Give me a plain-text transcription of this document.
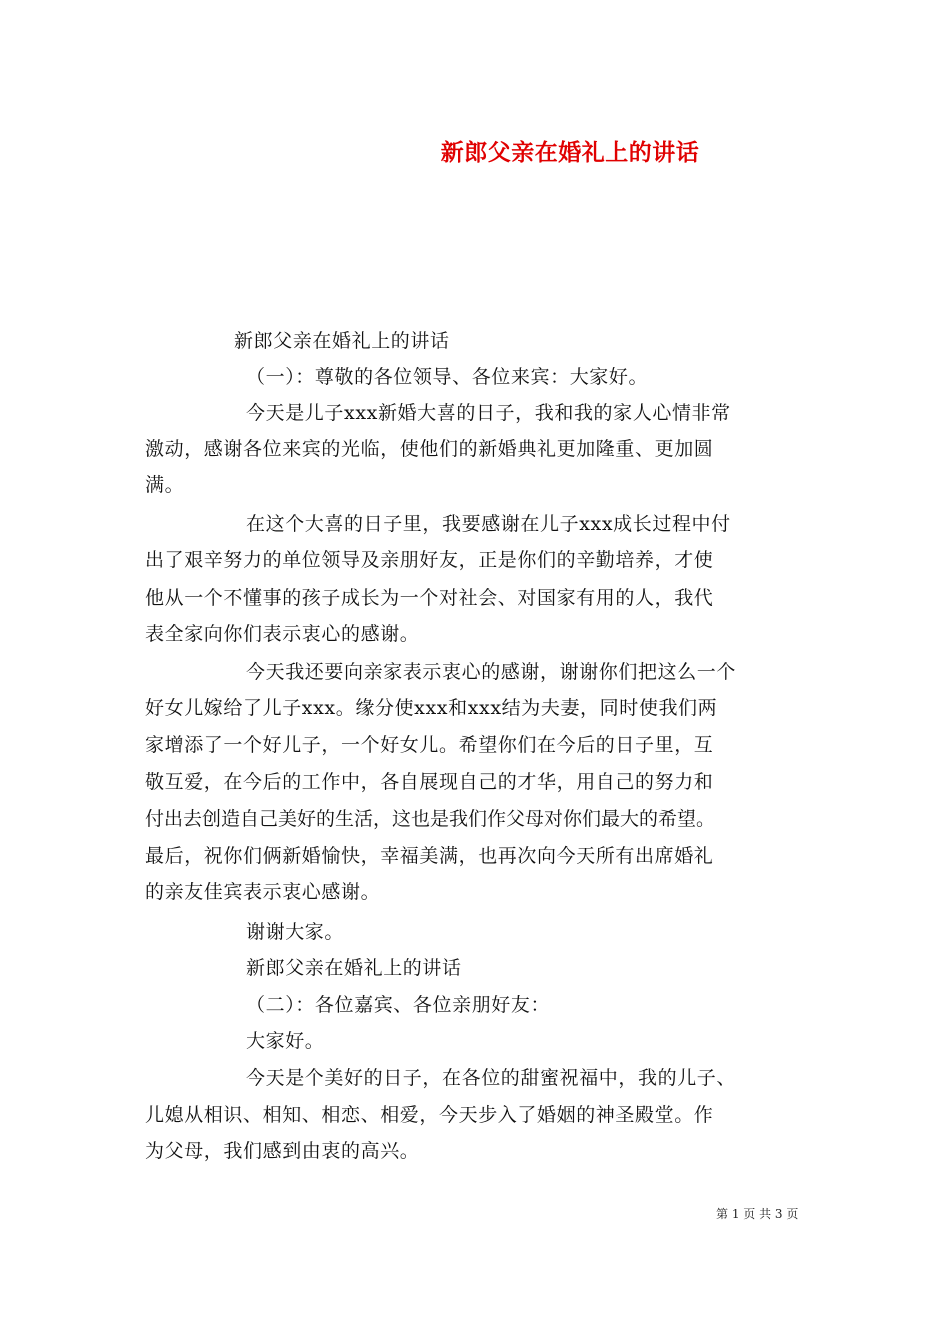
新郎父亲在婚礼上的讲话
新郎父亲在婚礼上的讲话
（一）：尊敬的各位领导、各位来宾：大家好。
今天是儿子xxx新婚大喜的日子，我和我的家人心情非常
激动，感谢各位来宾的光临，使他们的新婚典礼更加隆重、更加圆
满。
在这个大喜的日子里，我要感谢在儿子xxx成长过程中付
出了艰辛努力的单位领导及亲朋好友，正是你们的辛勤培养，才使
他从一个不懂事的孩子成长为一个对社会、对国家有用的人，我代
表全家向你们表示衷心的感谢。
今天我还要向亲家表示衷心的感谢，谢谢你们把这么一个
好女儿嫁给了儿子xxx。缘分使xxx和xxx结为夫妻，同时使我们两
家增添了一个好儿子，一个好女儿。希望你们在今后的日子里，互
敬互爱，在今后的工作中，各自展现自己的才华，用自己的努力和
付出去创造自己美好的生活，这也是我们作父母对你们最大的希望。
最后，祝你们俩新婚愉快，幸福美满，也再次向今天所有出席婚礼
的亲友佳宾表示衷心感谢。
谢谢大家。
新郎父亲在婚礼上的讲话
（二）：各位嘉宾、各位亲朋好友：
大家好。
今天是个美好的日子，在各位的甜蜜祝福中，我的儿子、
儿媳从相识、相知、相恋、相爱，今天步入了婚姻的神圣殿堂。作
为父母，我们感到由衷的高兴。
第 1 页 共 3 页
